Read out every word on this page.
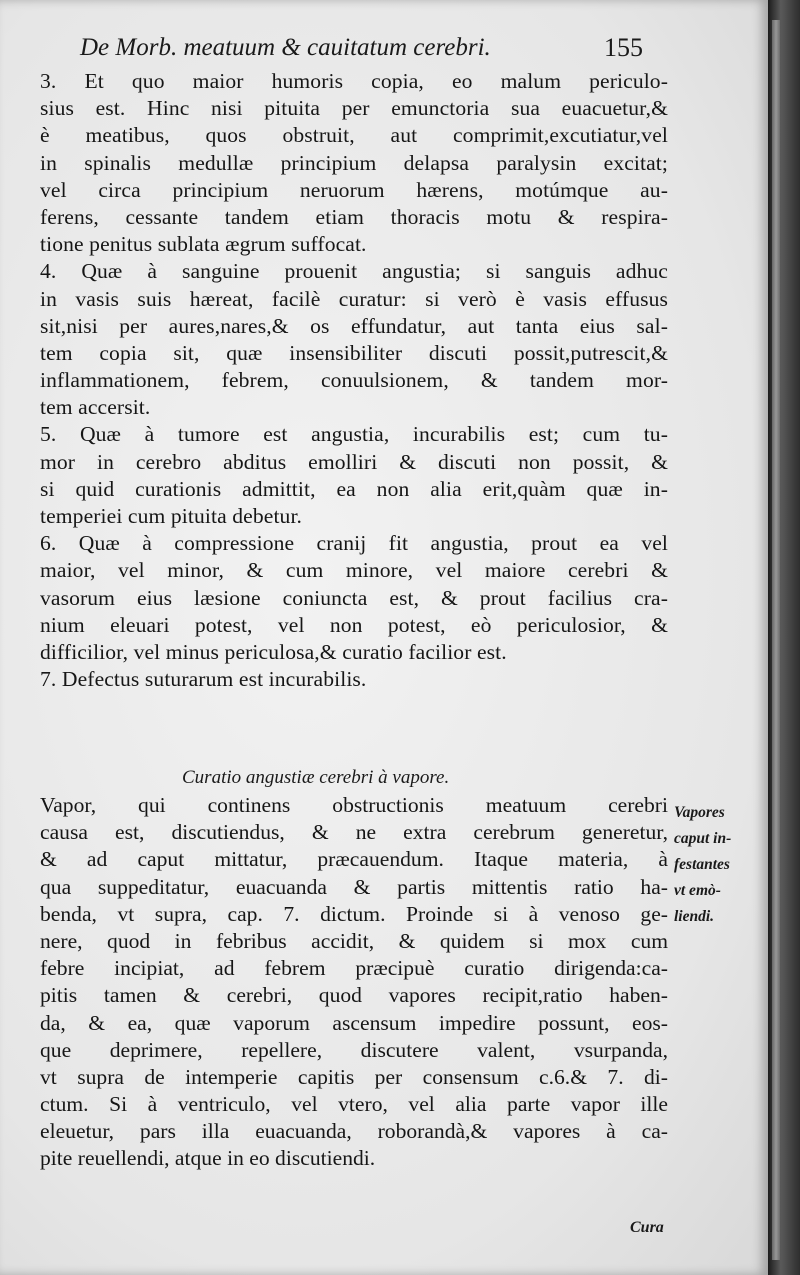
De Morb. meatuum & cauitatum cerebri.	155
3. Et quo maior humoris copia, eo malum periculo-
sius est. Hinc nisi pituita per emunctoria sua euacuetur,&
è meatibus, quos obstruit, aut comprimit,excutiatur,vel
in spinalis medullæ principium delapsa paralysin excitat;
vel circa principium neruorum hærens, motúmque au-
ferens, cessante tandem etiam thoracis motu & respira-
tione penitus sublata ægrum suffocat.
4. Quæ à sanguine prouenit angustia; si sanguis adhuc
in vasis suis hæreat, facilè curatur: si verò è vasis effusus
sit,nisi per aures,nares,& os effundatur, aut tanta eius sal-
tem copia sit, quæ insensibiliter discuti possit,putrescit,&
inflammationem, febrem, conuulsionem, & tandem mor-
tem accersit.
5. Quæ à tumore est angustia, incurabilis est; cum tu-
mor in cerebro abditus emolliri & discuti non possit, &
si quid curationis admittit, ea non alia erit,quàm quæ in-
temperiei cum pituita debetur.
6. Quæ à compressione cranij fit angustia, prout ea vel
maior, vel minor, & cum minore, vel maiore cerebri &
vasorum eius læsione coniuncta est, & prout facilius cra-
nium eleuari potest, vel non potest, eò periculosior, &
difficilior, vel minus periculosa,& curatio facilior est.
7. Defectus suturarum est incurabilis.
Curatio angustiæ cerebri à vapore.
Vapor, qui continens obstructionis meatuum cerebri
causa est, discutiendus, & ne extra cerebrum generetur,
& ad caput mittatur, præcauendum. Itaque materia, à
qua suppeditatur, euacuanda & partis mittentis ratio ha-
benda, vt supra, cap. 7. dictum. Proinde si à venoso ge-
nere, quod in febribus accidit, & quidem si mox cum
febre incipiat, ad febrem præcipuè curatio dirigenda:ca-
pitis tamen & cerebri, quod vapores recipit,ratio haben-
da, & ea, quæ vaporum ascensum impedire possunt, eos-
que deprimere, repellere, discutere valent, vsurpanda,
vt supra de intemperie capitis per consensum c.6.& 7. di-
ctum. Si à ventriculo, vel vtero, vel alia parte vapor ille
eleuetur, pars illa euacuanda, roborandà,& vapores à ca-
pite reuellendi, atque in eo discutiendi.
Vapores
caput in-
festantes
vt emò-
liendi.
Cura
